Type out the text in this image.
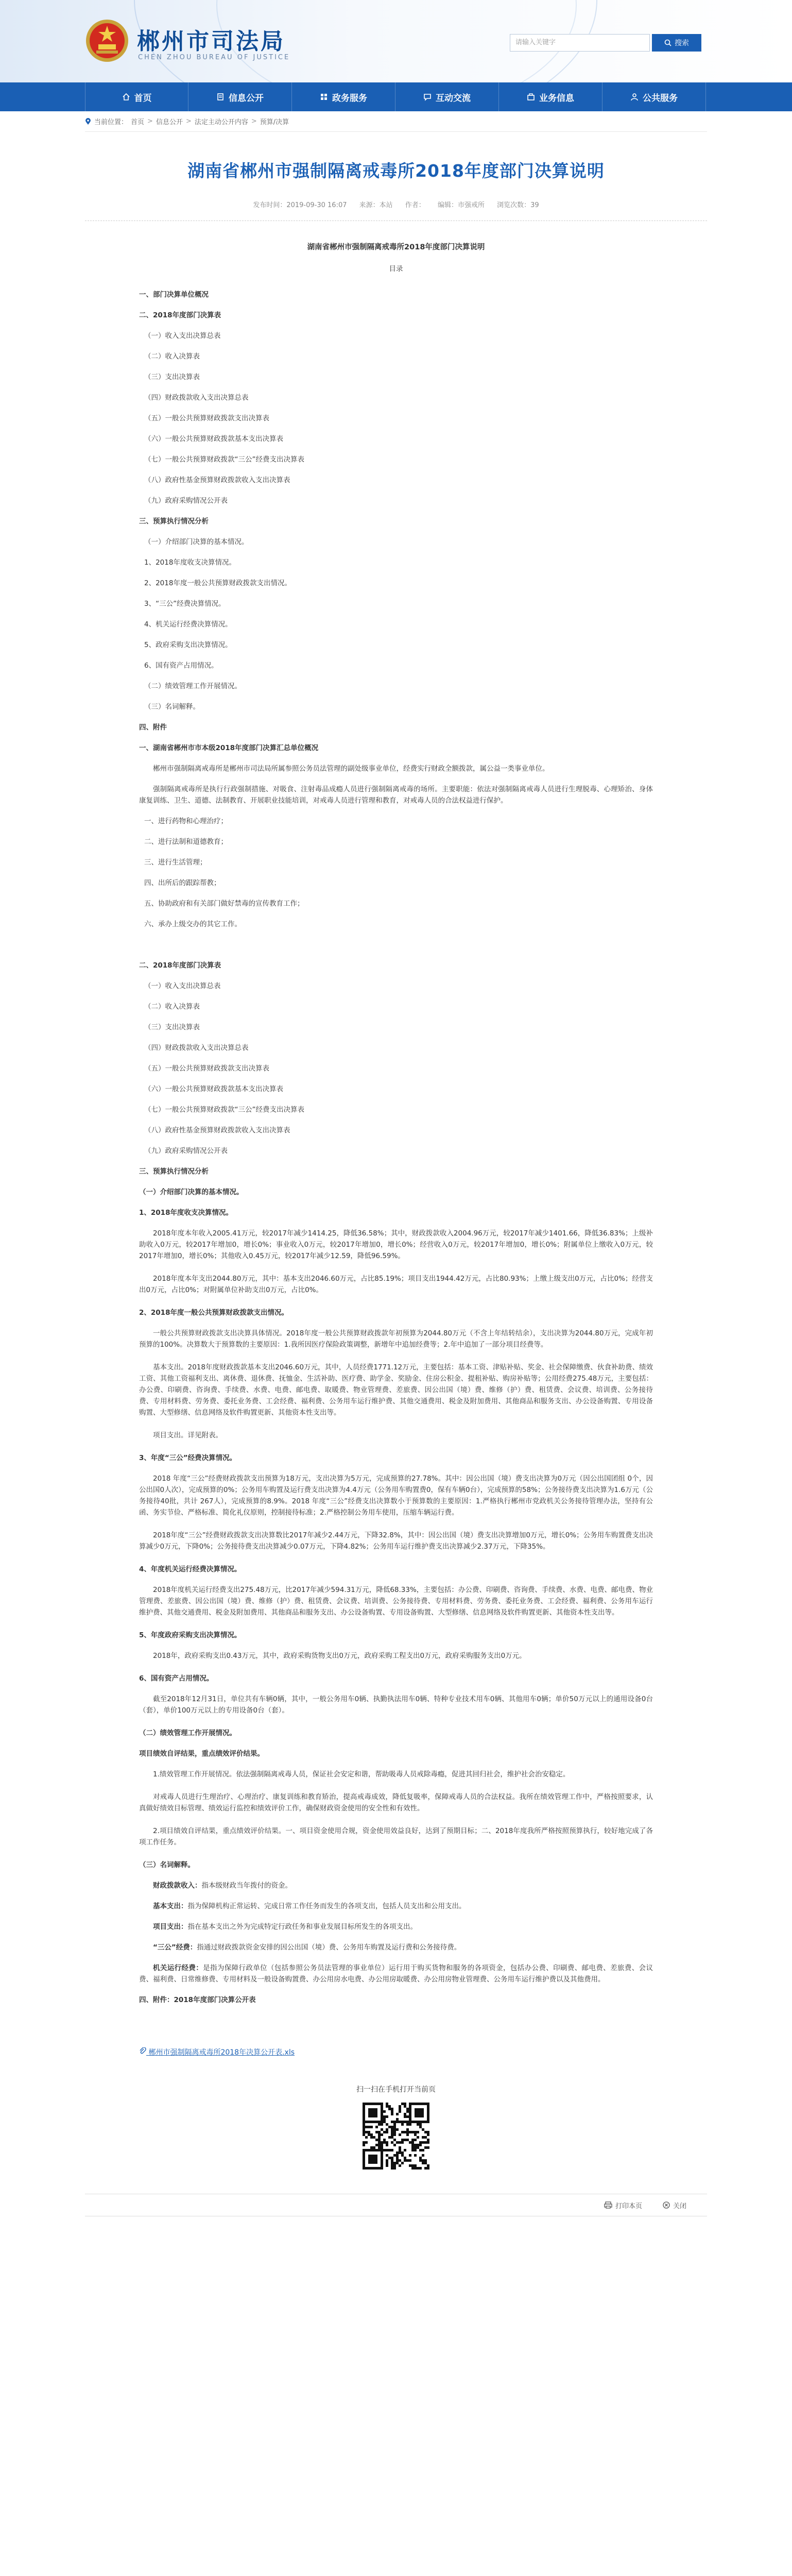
郴州市司法局
CHEN ZHOU BUREAU OF JUSTICE
请输入关键字	搜索
首页	信息公开	政务服务	互动交流	业务信息	公共服务
当前位置： 首页 > 信息公开 > 法定主动公开内容 > 预算/决算
湖南省郴州市强制隔离戒毒所2018年度部门决算说明
发布时间：2019-09-30 16:07 来源：本站 作者： 编辑：市强戒所 浏览次数：39
湖南省郴州市强制隔离戒毒所2018年度部门决算说明
目录
一、部门决算单位概况
二、2018年度部门决算表
（一）收入支出决算总表
（二）收入决算表
（三）支出决算表
（四）财政拨款收入支出决算总表
（五）一般公共预算财政拨款支出决算表
（六）一般公共预算财政拨款基本支出决算表
（七）一般公共预算财政拨款“三公”经费支出决算表
（八）政府性基金预算财政拨款收入支出决算表
（九）政府采购情况公开表
三、预算执行情况分析
（一）介绍部门决算的基本情况。
1、2018年度收支决算情况。
2、2018年度一般公共预算财政拨款支出情况。
3、“三公”经费决算情况。
4、机关运行经费决算情况。
5、政府采购支出决算情况。
6、国有资产占用情况。
（二）绩效管理工作开展情况。
（三）名词解释。
四、附件
一、湖南省郴州市市本级2018年度部门决算汇总单位概况
郴州市强制隔离戒毒所是郴州市司法局所属参照公务员法管理的副处级事业单位，经费实行财政全额拨款，属公益一类事业单位。
强制隔离戒毒所是执行行政强制措施、对吸食、注射毒品成瘾人员进行强制隔离戒毒的场所。主要职能：依法对强制隔离戒毒人员进行生理脱毒、心理矫治、身体康复训练、卫生、道德、法制教育、开展职业技能培训，对戒毒人员进行管理和教育，对戒毒人员的合法权益进行保护。
一、进行药物和心理治疗；
二、进行法制和道德教育；
三、进行生活管理；
四、出所后的跟踪帮教；
五、协助政府和有关部门做好禁毒的宣传教育工作；
六、承办上级交办的其它工作。
二、2018年度部门决算表
（一）收入支出决算总表
（二）收入决算表
（三）支出决算表
（四）财政拨款收入支出决算总表
（五）一般公共预算财政拨款支出决算表
（六）一般公共预算财政拨款基本支出决算表
（七）一般公共预算财政拨款“三公”经费支出决算表
（八）政府性基金预算财政拨款收入支出决算表
（九）政府采购情况公开表
三、预算执行情况分析
（一）介绍部门决算的基本情况。
1、2018年度收支决算情况。
2018年度本年收入2005.41万元，较2017年减少1414.25，降低36.58%；其中，财政拨款收入2004.96万元，较2017年减少1401.66，降低36.83%；上级补助收入0万元，较2017年增加0，增长0%；事业收入0万元，较2017年增加0，增长0%；经营收入0万元，较2017年增加0，增长0%；附属单位上缴收入0万元，较2017年增加0，增长0%；其他收入0.45万元，较2017年减少12.59，降低96.59%。
2018年度本年支出2044.80万元，其中：基本支出2046.60万元，占比85.19%；项目支出1944.42万元，占比80.93%；上缴上级支出0万元，占比0%；经营支出0万元，占比0%；对附属单位补助支出0万元，占比0%。
2、2018年度一般公共预算财政拨款支出情况。
一般公共预算财政拨款支出决算具体情况。2018年度一般公共预算财政拨款年初预算为2044.80万元（不含上年结转结余），支出决算为2044.80万元，完成年初预算的100%。决算数大于预算数的主要原因：1.我所因医疗保险政策调整，新增年中追加经费等；2.年中追加了一部分项目经费等。
基本支出。2018年度财政拨款基本支出2046.60万元，其中，人员经费1771.12万元，主要包括：基本工资、津贴补贴、奖金、社会保障缴费、伙食补助费、绩效工资、其他工资福利支出、离休费、退休费、抚恤金、生活补助、医疗费、助学金、奖励金、住房公积金、提租补贴、购房补贴等；公用经费275.48万元，主要包括：办公费、印刷费、咨询费、手续费、水费、电费、邮电费、取暖费、物业管理费、差旅费、因公出国（境）费、维修（护）费、租赁费、会议费、培训费、公务接待费、专用材料费、劳务费、委托业务费、工会经费、福利费、公务用车运行维护费、其他交通费用、税金及附加费用、其他商品和服务支出、办公设备购置、专用设备购置、大型修缮、信息网络及软件购置更新、其他资本性支出等。
项目支出。详见附表。
3、年度“三公”经费决算情况。
2018 年度“三公”经费财政拨款支出预算为18万元，支出决算为5万元，完成预算的27.78%。其中：因公出国（境）费支出决算为0万元（因公出国团组 0个，因公出国0人次），完成预算的0%；公务用车购置及运行费支出决算为4.4万元（公务用车购置费0，保有车辆0台），完成预算的58%；公务接待费支出决算为1.6万元（公务接待40批，共计 267人），完成预算的8.9%。2018 年度“三公”经费支出决算数小于预算数的主要原因：1.严格执行郴州市党政机关公务接待管理办法，坚持有公函、务实节俭、严格标准、简化礼仪原则，控制接待标准；2.严格控制公务用车使用，压缩车辆运行费。
2018年度“三公”经费财政拨款支出决算数比2017年减少2.44万元，下降32.8%，其中：因公出国（境）费支出决算增加0万元，增长0%；公务用车购置费支出决算减少0万元，下降0%；公务接待费支出决算减少0.07万元，下降4.82%；公务用车运行维护费支出决算减少2.37万元，下降35%。
4、年度机关运行经费决算情况。
2018年度机关运行经费支出275.48万元，比2017年减少594.31万元，降低68.33%，主要包括：办公费、印刷费、咨询费、手续费、水费、电费、邮电费、物业管理费、差旅费、因公出国（境）费、维修（护）费、租赁费、会议费、培训费、公务接待费、专用材料费、劳务费、委托业务费、工会经费、福利费、公务用车运行维护费、其他交通费用、税金及附加费用、其他商品和服务支出、办公设备购置、专用设备购置、大型修缮、信息网络及软件购置更新、其他资本性支出等。
5、年度政府采购支出决算情况。
2018年，政府采购支出0.43万元，其中，政府采购货物支出0万元，政府采购工程支出0万元，政府采购服务支出0万元。
6、国有资产占用情况。
截至2018年12月31日，单位共有车辆0辆，其中，一般公务用车0辆、执勤执法用车0辆、特种专业技术用车0辆、其他用车0辆；单价50万元以上的通用设备0台（套），单价100万元以上的专用设备0台（套）。
（二）绩效管理工作开展情况。
项目绩效自评结果，重点绩效评价结果。
1.绩效管理工作开展情况。依法强制隔离戒毒人员，保证社会安定和谐，帮助吸毒人员戒除毒瘾，促进其回归社会，维护社会治安稳定。
对戒毒人员进行生理治疗、心理治疗、康复训练和教育矫治，提高戒毒成效，降低复吸率，保障戒毒人员的合法权益。我所在绩效管理工作中，严格按照要求，认真做好绩效目标管理、绩效运行监控和绩效评价工作，确保财政资金使用的安全性和有效性。
2.项目绩效自评结果，重点绩效评价结果。一、项目资金使用合规，资金使用效益良好，达到了预期目标；二、2018年度我所严格按照预算执行，较好地完成了各项工作任务。
（三）名词解释。
财政拨款收入：指本级财政当年拨付的资金。
基本支出：指为保障机构正常运转、完成日常工作任务而发生的各项支出，包括人员支出和公用支出。
项目支出：指在基本支出之外为完成特定行政任务和事业发展目标所发生的各项支出。
“三公”经费：指通过财政拨款资金安排的因公出国（境）费、公务用车购置及运行费和公务接待费。
机关运行经费：是指为保障行政单位（包括参照公务员法管理的事业单位）运行用于购买货物和服务的各项资金，包括办公费、印刷费、邮电费、差旅费、会议费、福利费、日常维修费、专用材料及一般设备购置费、办公用房水电费、办公用房取暖费、办公用房物业管理费、公务用车运行维护费以及其他费用。
四、附件：2018年度部门决算公开表
郴州市强制隔离戒毒所2018年决算公开表.xls
扫一扫在手机打开当前页
打印本页	关闭
